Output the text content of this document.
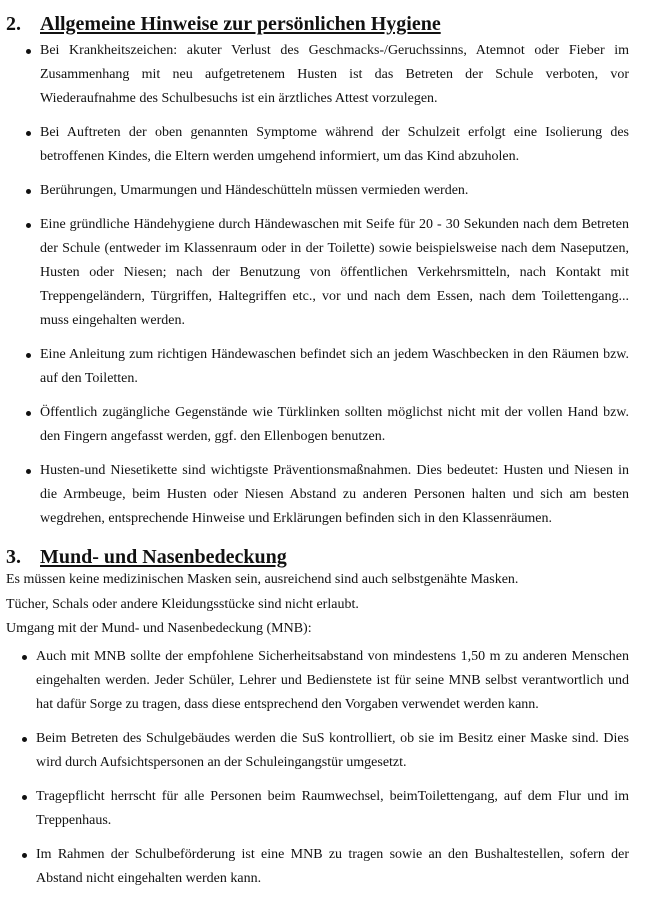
2. Allgemeine Hinweise zur persönlichen Hygiene
Bei Krankheitszeichen: akuter Verlust des Geschmacks-/Geruchssinns, Atemnot oder Fieber im Zusammenhang mit neu aufgetretenem Husten ist das Betreten der Schule verboten, vor Wiederaufnahme des Schulbesuchs ist ein ärztliches Attest vorzulegen.
Bei Auftreten der oben genannten Symptome während der Schulzeit erfolgt eine Isolierung des betroffenen Kindes, die Eltern werden umgehend informiert, um das Kind abzuholen.
Berührungen, Umarmungen und Händeschütteln müssen vermieden werden.
Eine gründliche Händehygiene durch Händewaschen mit Seife für 20 - 30 Sekunden nach dem Betreten der Schule (entweder im Klassenraum oder in der Toilette) sowie beispielsweise nach dem Naseputzen, Husten oder Niesen; nach der Benutzung von öffentlichen Verkehrsmitteln, nach Kontakt mit Treppengeländern, Türgriffen, Haltegriffen etc., vor und nach dem Essen, nach dem Toilettengang... muss eingehalten werden.
Eine Anleitung zum richtigen Händewaschen befindet sich an jedem Waschbecken in den Räumen bzw. auf den Toiletten.
Öffentlich zugängliche Gegenstände wie Türklinken sollten möglichst nicht mit der vollen Hand bzw. den Fingern angefasst werden, ggf. den Ellenbogen benutzen.
Husten-und Niesetikette sind wichtigste Präventionsmaßnahmen. Dies bedeutet: Husten und Niesen in die Armbeuge, beim Husten oder Niesen Abstand zu anderen Personen halten und sich am besten wegdrehen, entsprechende Hinweise und Erklärungen befinden sich in den Klassenräumen.
3. Mund- und Nasenbedeckung
Es müssen keine medizinischen Masken sein, ausreichend sind auch selbstgenähte Masken.
Tücher, Schals oder andere Kleidungsstücke sind nicht erlaubt.
Umgang mit der Mund- und Nasenbedeckung (MNB):
Auch mit MNB sollte der empfohlene Sicherheitsabstand von mindestens 1,50 m zu anderen Menschen eingehalten werden. Jeder Schüler, Lehrer und Bedienstete ist für seine MNB selbst verantwortlich und hat dafür Sorge zu tragen, dass diese entsprechend den Vorgaben verwendet werden kann.
Beim Betreten des Schulgebäudes werden die SuS kontrolliert, ob sie im Besitz einer Maske sind. Dies wird durch Aufsichtspersonen an der Schuleingangstür umgesetzt.
Tragepflicht herrscht für alle Personen beim Raumwechsel, beimToilettengang, auf dem Flur und im Treppenhaus.
Im Rahmen der Schulbeförderung ist eine MNB zu tragen sowie an den Bushaltestellen, sofern der Abstand nicht eingehalten werden kann.
